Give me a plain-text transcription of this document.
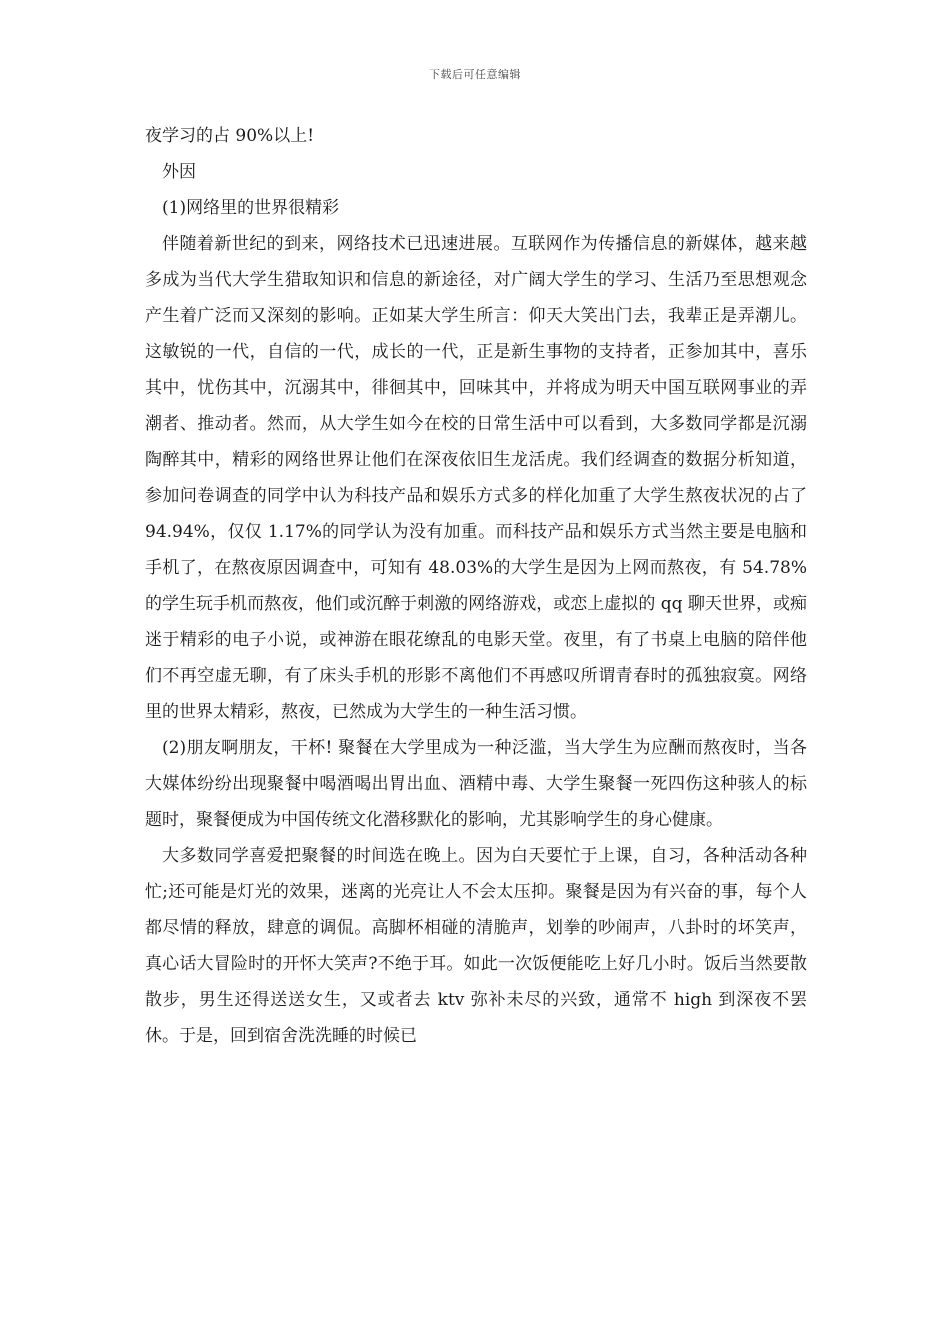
下载后可任意编辑

夜学习的占 90%以上!

外因

(1)网络里的世界很精彩

伴随着新世纪的到来，网络技术已迅速进展。互联网作为传播信息的新媒体，越来越多成为当代大学生猎取知识和信息的新途径，对广阔大学生的学习、生活乃至思想观念产生着广泛而又深刻的影响。正如某大学生所言：仰天大笑出门去，我辈正是弄潮儿。这敏锐的一代，自信的一代，成长的一代，正是新生事物的支持者，正参加其中，喜乐其中，忧伤其中，沉溺其中，徘徊其中，回味其中，并将成为明天中国互联网事业的弄潮者、推动者。然而，从大学生如今在校的日常生活中可以看到，大多数同学都是沉溺陶醉其中，精彩的网络世界让他们在深夜依旧生龙活虎。我们经调查的数据分析知道，参加问卷调查的同学中认为科技产品和娱乐方式多的样化加重了大学生熬夜状况的占了 94.94%，仅仅 1.17%的同学认为没有加重。而科技产品和娱乐方式当然主要是电脑和手机了，在熬夜原因调查中，可知有 48.03%的大学生是因为上网而熬夜，有 54.78%的学生玩手机而熬夜，他们或沉醉于刺激的网络游戏，或恋上虚拟的 qq 聊天世界，或痴迷于精彩的电子小说，或神游在眼花缭乱的电影天堂。夜里，有了书桌上电脑的陪伴他们不再空虚无聊，有了床头手机的形影不离他们不再感叹所谓青春时的孤独寂寞。网络里的世界太精彩，熬夜，已然成为大学生的一种生活习惯。

(2)朋友啊朋友，干杯! 聚餐在大学里成为一种泛滥，当大学生为应酬而熬夜时，当各大媒体纷纷出现聚餐中喝酒喝出胃出血、酒精中毒、大学生聚餐一死四伤这种骇人的标题时，聚餐便成为中国传统文化潜移默化的影响，尤其影响学生的身心健康。

大多数同学喜爱把聚餐的时间选在晚上。因为白天要忙于上课，自习，各种活动各种忙;还可能是灯光的效果，迷离的光亮让人不会太压抑。聚餐是因为有兴奋的事，每个人都尽情的释放，肆意的调侃。高脚杯相碰的清脆声，划拳的吵闹声，八卦时的坏笑声，真心话大冒险时的开怀大笑声?不绝于耳。如此一次饭便能吃上好几小时。饭后当然要散散步，男生还得送送女生，又或者去 ktv 弥补未尽的兴致，通常不 high 到深夜不罢休。于是，回到宿舍洗洗睡的时候已
